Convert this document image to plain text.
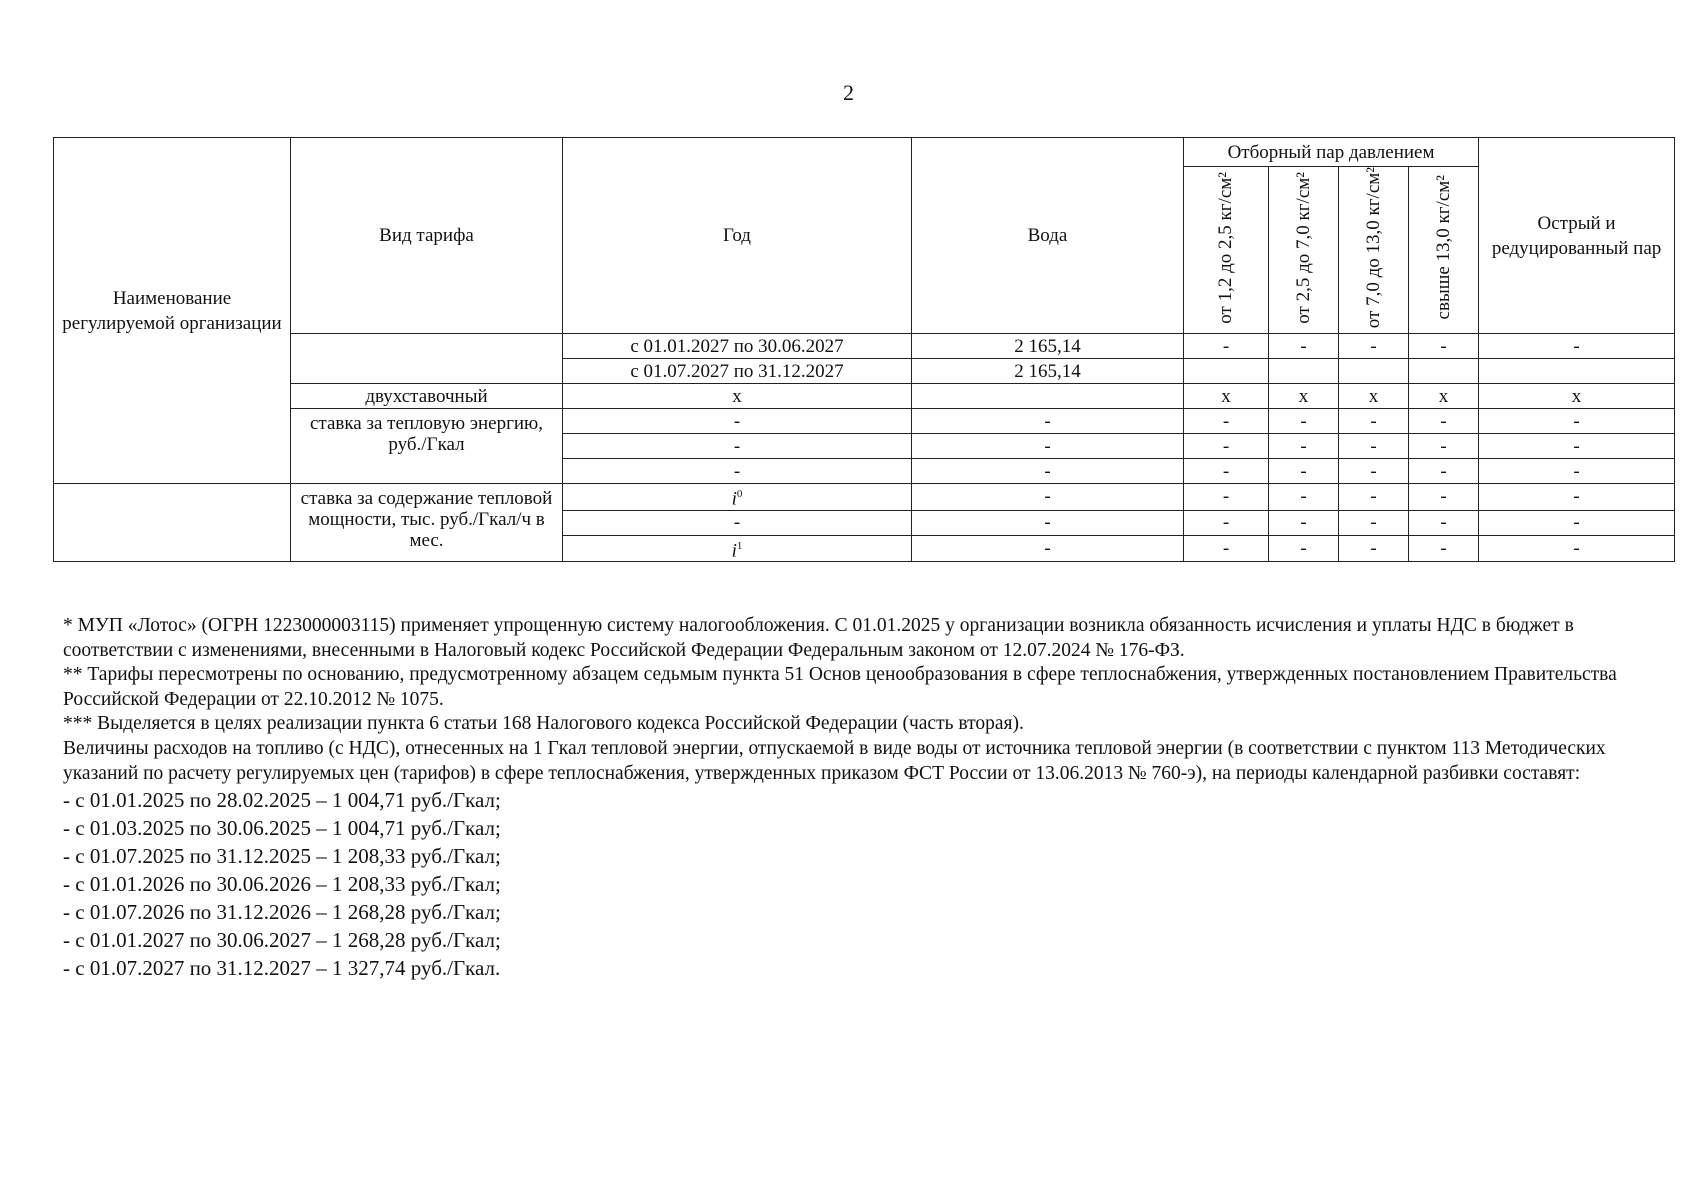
2
Наименование регулируемой организации	Вид тарифа	Год	Вода	Отборный пар давлением				Острый и редуцированный пар
				от 1,2 до 2,5 кг/см²	от 2,5 до 7,0 кг/см²	от 7,0 до 13,0 кг/см²	свыше 13,0 кг/см²	
		с 01.01.2027 по 30.06.2027	2 165,14	-	-	-	-	-
		с 01.07.2027 по 31.12.2027	2 165,14					
	двухставочный	x		x	x	x	x	x
	ставка за тепловую энергию, руб./Гкал	-	-	-	-	-	-	-
		-	-	-	-	-	-	-
		-	-	-	-	-	-	-
	ставка за содержание тепловой мощности, тыс. руб./Гкал/ч в мес.	$i^0$	-	-	-	-	-	-
		-	-	-	-	-	-	-
		$i^1$	-	-	-	-	-	-

* МУП «Лотос» (ОГРН 1223000003115) применяет упрощенную систему налогообложения. С 01.01.2025 у организации возникла обязанность исчисления и уплаты НДС в бюджет в соответствии с изменениями, внесенными в Налоговый кодекс Российской Федерации Федеральным законом от 12.07.2024 № 176-ФЗ.

** Тарифы пересмотрены по основанию, предусмотренному абзацем седьмым пункта 51 Основ ценообразования в сфере теплоснабжения, утвержденных постановлением Правительства Российской Федерации от 22.10.2012 № 1075.

*** Выделяется в целях реализации пункта 6 статьи 168 Налогового кодекса Российской Федерации (часть вторая).

Величины расходов на топливо (с НДС), отнесенных на 1 Гкал тепловой энергии, отпускаемой в виде воды от источника тепловой энергии (в соответствии с пунктом 113 Методических указаний по расчету регулируемых цен (тарифов) в сфере теплоснабжения, утвержденных приказом ФСТ России от 13.06.2013 № 760-э), на периоды календарной разбивки составят:

- с 01.01.2025 по 28.02.2025 – 1 004,71 руб./Гкал;

- с 01.03.2025 по 30.06.2025 – 1 004,71 руб./Гкал;

- с 01.07.2025 по 31.12.2025 – 1 208,33 руб./Гкал;

- с 01.01.2026 по 30.06.2026 – 1 208,33 руб./Гкал;

- с 01.07.2026 по 31.12.2026 – 1 268,28 руб./Гкал;

- с 01.01.2027 по 30.06.2027 – 1 268,28 руб./Гкал;

- с 01.07.2027 по 31.12.2027 – 1 327,74 руб./Гкал.
